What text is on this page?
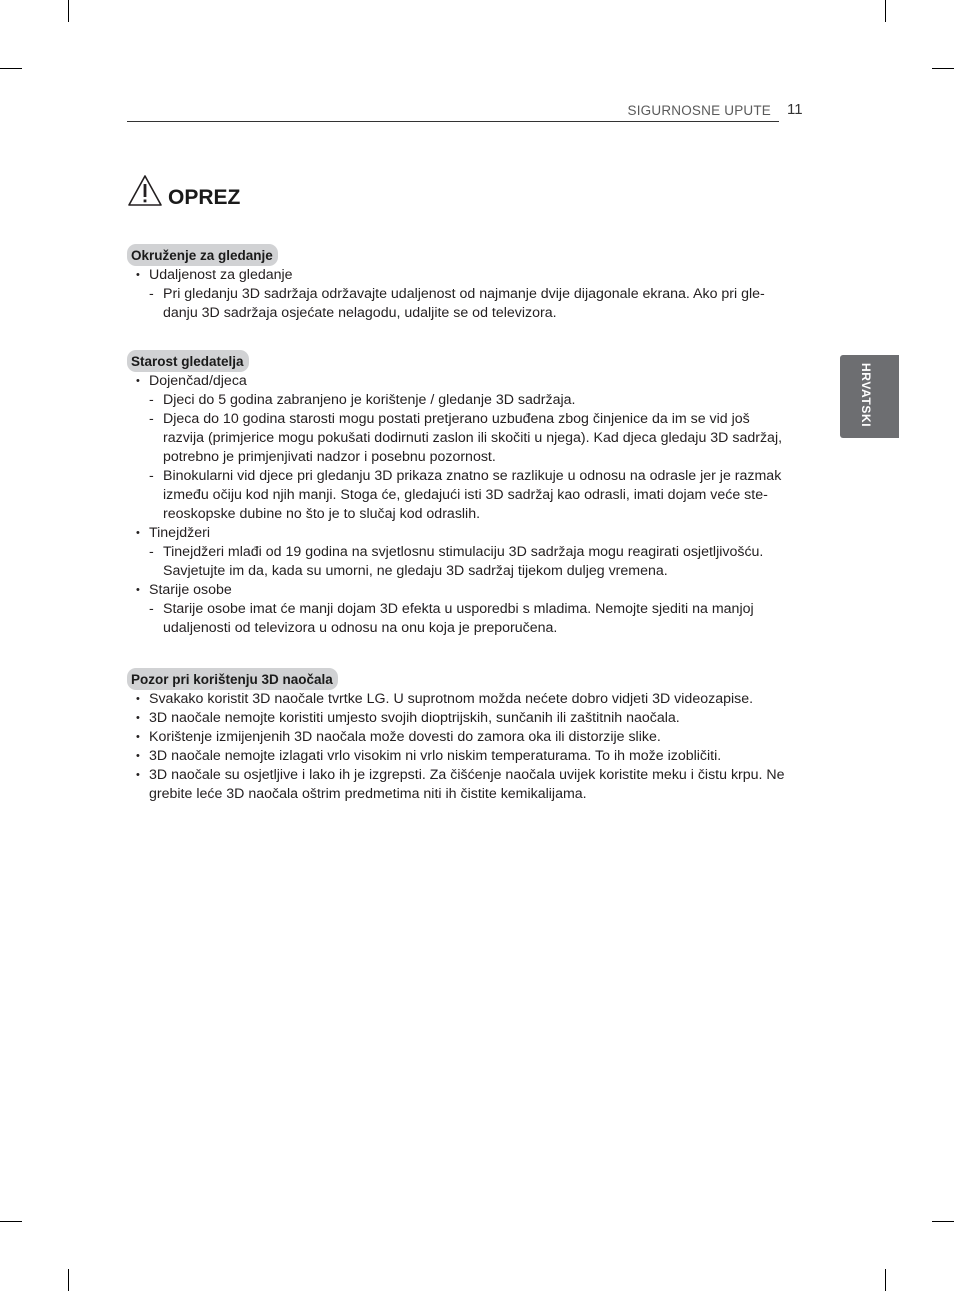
SIGURNOSNE UPUTE 11
HRVATSKI
OPREZ
Okruženje za gledanje
• Udaljenost za gledanje
- Pri gledanju 3D sadržaja održavajte udaljenost od najmanje dvije dijagonale ekrana. Ako pri gle-
danju 3D sadržaja osjećate nelagodu, udaljite se od televizora.
Starost gledatelja
• Dojenčad/djeca
- Djeci do 5 godina zabranjeno je korištenje / gledanje 3D sadržaja.
- Djeca do 10 godina starosti mogu postati pretjerano uzbuđena zbog činjenice da im se vid još
razvija (primjerice mogu pokušati dodirnuti zaslon ili skočiti u njega). Kad djeca gledaju 3D sadržaj,
potrebno je primjenjivati nadzor i posebnu pozornost.
- Binokularni vid djece pri gledanju 3D prikaza znatno se razlikuje u odnosu na odrasle jer je razmak
između očiju kod njih manji. Stoga će, gledajući isti 3D sadržaj kao odrasli, imati dojam veće ste-
reoskopske dubine no što je to slučaj kod odraslih.
• Tinejdžeri
- Tinejdžeri mlađi od 19 godina na svjetlosnu stimulaciju 3D sadržaja mogu reagirati osjetljivošću.
Savjetujte im da, kada su umorni, ne gledaju 3D sadržaj tijekom duljeg vremena.
• Starije osobe
- Starije osobe imat će manji dojam 3D efekta u usporedbi s mladima. Nemojte sjediti na manjoj
udaljenosti od televizora u odnosu na onu koja je preporučena.
Pozor pri korištenju 3D naočala
• Svakako koristit 3D naočale tvrtke LG. U suprotnom možda nećete dobro vidjeti 3D videozapise.
• 3D naočale nemojte koristiti umjesto svojih dioptrijskih, sunčanih ili zaštitnih naočala.
• Korištenje izmijenjenih 3D naočala može dovesti do zamora oka ili distorzije slike.
• 3D naočale nemojte izlagati vrlo visokim ni vrlo niskim temperaturama. To ih može izobličiti.
• 3D naočale su osjetljive i lako ih je izgrepsti. Za čišćenje naočala uvijek koristite meku i čistu krpu. Ne
grebite leće 3D naočala oštrim predmetima niti ih čistite kemikalijama.
